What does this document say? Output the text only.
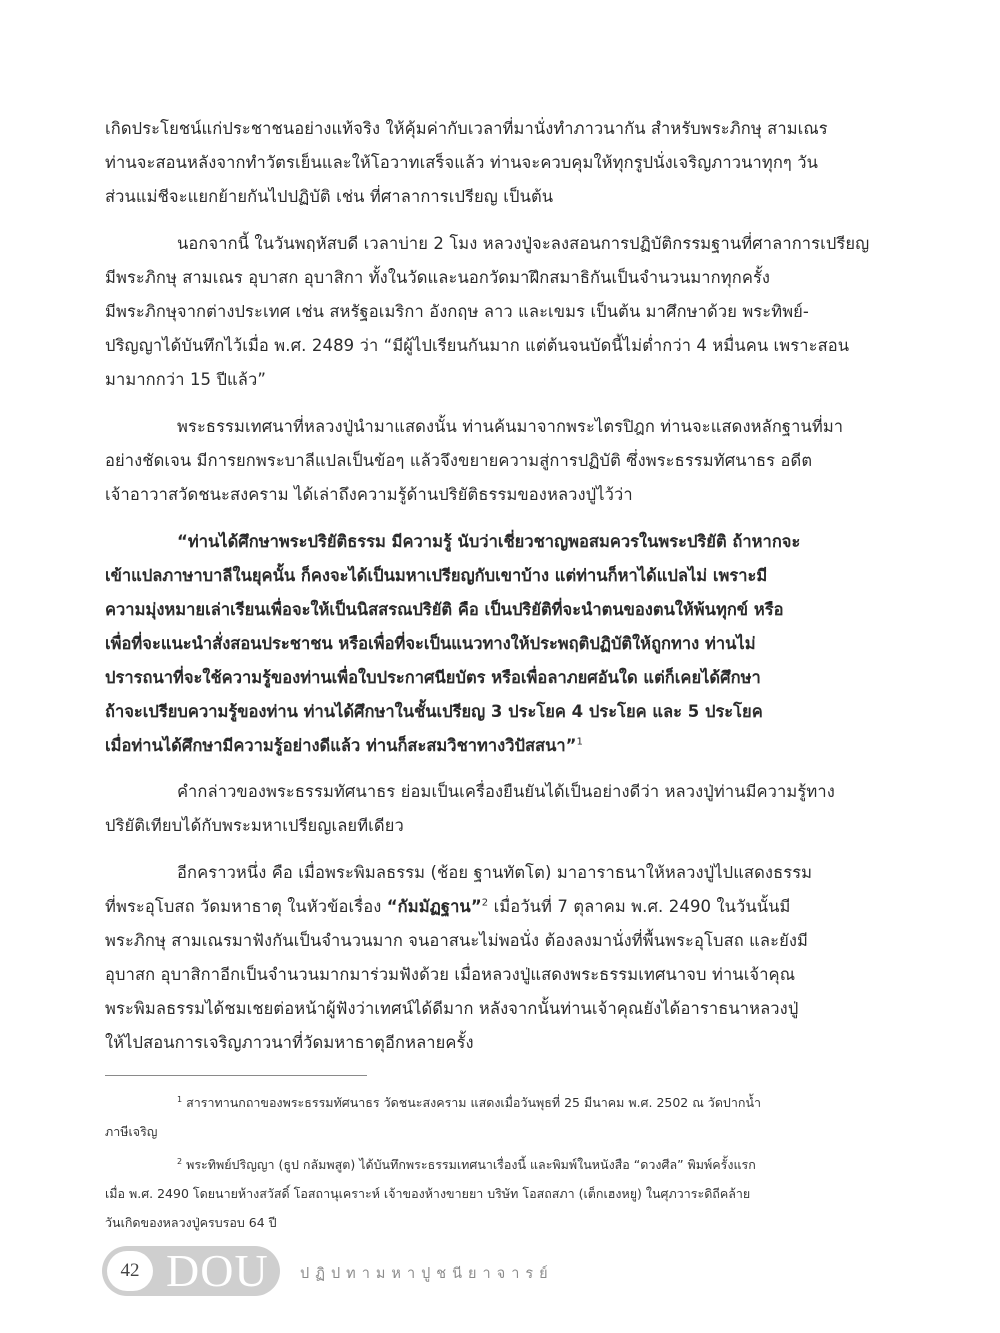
เกิดประโยชน์แก่ประชาชนอย่างแท้จริง ให้คุ้มค่ากับเวลาที่มานั่งทำภาวนากัน สำหรับพระภิกษุ สามเณร
ท่านจะสอนหลังจากทำวัตรเย็นและให้โอวาทเสร็จแล้ว ท่านจะควบคุมให้ทุกรูปนั่งเจริญภาวนาทุกๆ วัน
ส่วนแม่ชีจะแยกย้ายกันไปปฏิบัติ เช่น ที่ศาลาการเปรียญ เป็นต้น

นอกจากนี้ ในวันพฤหัสบดี เวลาบ่าย 2 โมง หลวงปู่จะลงสอนการปฏิบัติกรรมฐานที่ศาลาการเปรียญ
มีพระภิกษุ สามเณร อุบาสก อุบาสิกา ทั้งในวัดและนอกวัดมาฝึกสมาธิกันเป็นจำนวนมากทุกครั้ง
มีพระภิกษุจากต่างประเทศ เช่น สหรัฐอเมริกา อังกฤษ ลาว และเขมร เป็นต้น มาศึกษาด้วย พระทิพย์-
ปริญญาได้บันทึกไว้เมื่อ พ.ศ. 2489 ว่า “มีผู้ไปเรียนกันมาก แต่ต้นจนบัดนี้ไม่ต่ำกว่า 4 หมื่นคน เพราะสอน
มามากกว่า 15 ปีแล้ว”

พระธรรมเทศนาที่หลวงปู่นำมาแสดงนั้น ท่านค้นมาจากพระไตรปิฎก ท่านจะแสดงหลักฐานที่มา
อย่างชัดเจน มีการยกพระบาลีแปลเป็นข้อๆ แล้วจึงขยายความสู่การปฏิบัติ ซึ่งพระธรรมทัศนาธร อดีต
เจ้าอาวาสวัดชนะสงคราม ได้เล่าถึงความรู้ด้านปริยัติธรรมของหลวงปู่ไว้ว่า

“ท่านได้ศึกษาพระปริยัติธรรม มีความรู้ นับว่าเชี่ยวชาญพอสมควรในพระปริยัติ ถ้าหากจะ
เข้าแปลภาษาบาลีในยุคนั้น ก็คงจะได้เป็นมหาเปรียญกับเขาบ้าง แต่ท่านก็หาได้แปลไม่ เพราะมี
ความมุ่งหมายเล่าเรียนเพื่อจะให้เป็นนิสสรณปริยัติ คือ เป็นปริยัติที่จะนำตนของตนให้พ้นทุกข์ หรือ
เพื่อที่จะแนะนำสั่งสอนประชาชน หรือเพื่อที่จะเป็นแนวทางให้ประพฤติปฏิบัติให้ถูกทาง ท่านไม่
ปรารถนาที่จะใช้ความรู้ของท่านเพื่อใบประกาศนียบัตร หรือเพื่อลาภยศอันใด แต่ก็เคยได้ศึกษา
ถ้าจะเปรียบความรู้ของท่าน ท่านได้ศึกษาในชั้นเปรียญ 3 ประโยค 4 ประโยค และ 5 ประโยค
เมื่อท่านได้ศึกษามีความรู้อย่างดีแล้ว ท่านก็สะสมวิชาทางวิปัสสนา”$^1$

คำกล่าวของพระธรรมทัศนาธร ย่อมเป็นเครื่องยืนยันได้เป็นอย่างดีว่า หลวงปู่ท่านมีความรู้ทาง
ปริยัติเทียบได้กับพระมหาเปรียญเลยทีเดียว

อีกคราวหนึ่ง คือ เมื่อพระพิมลธรรม (ช้อย ฐานทัตโต) มาอาราธนาให้หลวงปู่ไปแสดงธรรม
ที่พระอุโบสถ วัดมหาธาตุ ในหัวข้อเรื่อง “กัมมัฏฐาน”$^2$ เมื่อวันที่ 7 ตุลาคม พ.ศ. 2490 ในวันนั้นมี
พระภิกษุ สามเณรมาฟังกันเป็นจำนวนมาก จนอาสนะไม่พอนั่ง ต้องลงมานั่งที่พื้นพระอุโบสถ และยังมี
อุบาสก อุบาสิกาอีกเป็นจำนวนมากมาร่วมฟังด้วย เมื่อหลวงปู่แสดงพระธรรมเทศนาจบ ท่านเจ้าคุณ
พระพิมลธรรมได้ชมเชยต่อหน้าผู้ฟังว่าเทศน์ได้ดีมาก หลังจากนั้นท่านเจ้าคุณยังได้อาราธนาหลวงปู่
ให้ไปสอนการเจริญภาวนาที่วัดมหาธาตุอีกหลายครั้ง

$^1$ สาราทานกถาของพระธรรมทัศนาธร วัดชนะสงคราม แสดงเมื่อวันพุธที่ 25 มีนาคม พ.ศ. 2502 ณ วัดปากน้ำ
ภาษีเจริญ

$^2$ พระทิพย์ปริญญา (ธูป กลัมพสูต) ได้บันทึกพระธรรมเทศนาเรื่องนี้ และพิมพ์ในหนังสือ “ดวงศีล” พิมพ์ครั้งแรก
เมื่อ พ.ศ. 2490 โดยนายห้างสวัสดิ์ โอสถานุเคราะห์ เจ้าของห้างขายยา บริษัท โอสถสภา (เต็กเฮงหยู) ในศุภวาระดิถีคล้าย
วันเกิดของหลวงปู่ครบรอบ 64 ปี

42 DOU ปฏิปทามหาปูชนียาจารย์
